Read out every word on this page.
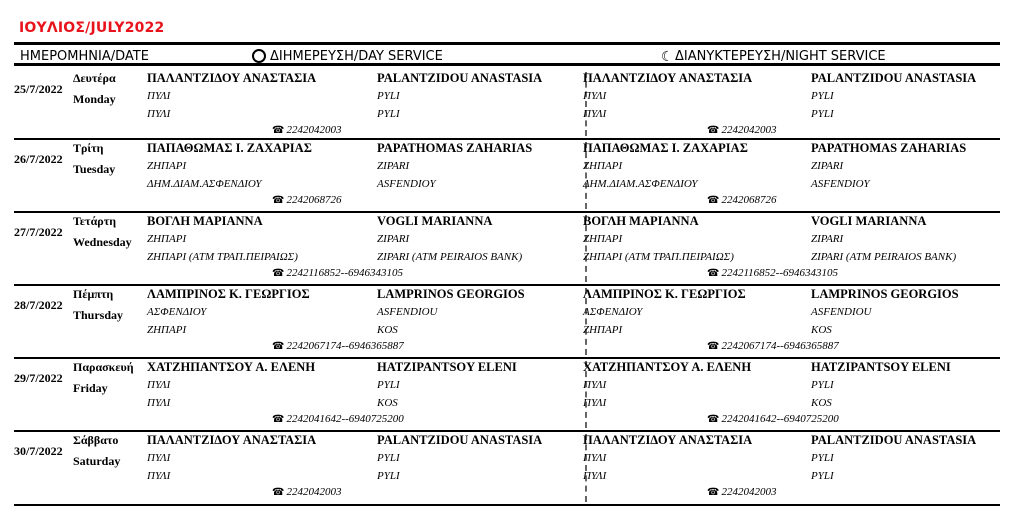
ΙΟΥΛΙΟΣ/JULY2022
ΗΜΕΡΟΜΗΝΙΑ/DATE	ΔΙΗΜΕΡΕΥΣΗ/DAY SERVICE	☾ ΔΙΑΝΥΚΤΕΡΕΥΣΗ/NIGHT SERVICE
25/7/2022
Δευτέρα
Monday
ΠΑΛΑΝΤΖΙΔΟΥ ΑΝΑΣΤΑΣΙΑ
ΠΥΛΙ
ΠΥΛΙ
PALANTZIDOU ANASTASIA
PYLI
PYLI
☎ 2242042003
ΠΑΛΑΝΤΖΙΔΟΥ ΑΝΑΣΤΑΣΙΑ
ΠΥΛΙ
ΠΥΛΙ
PALANTZIDOU ANASTASIA
PYLI
PYLI
☎ 2242042003
26/7/2022
Τρίτη
Tuesday
ΠΑΠΑΘΩΜΑΣ Ι. ΖΑΧΑΡΙΑΣ
ΖΗΠΑΡΙ
ΔΗΜ.ΔΙΑΜ.ΑΣΦΕΝΔΙΟΥ
PAPATHOMAS ZAHARIAS
ZIPARI
ASFENDIOY
☎ 2242068726
ΠΑΠΑΘΩΜΑΣ Ι. ΖΑΧΑΡΙΑΣ
ΖΗΠΑΡΙ
ΔΗΜ.ΔΙΑΜ.ΑΣΦΕΝΔΙΟΥ
PAPATHOMAS ZAHARIAS
ZIPARI
ASFENDIOY
☎ 2242068726
27/7/2022
Τετάρτη
Wednesday
ΒΟΓΛΗ ΜΑΡΙΑΝΝΑ
ΖΗΠΑΡΙ
ΖΗΠΑΡΙ (ΑΤΜ ΤΡΑΠ.ΠΕΙΡΑΙΩΣ)
VOGLI MARIANNA
ZIPARI
ZIPARI (ATM PEIRAIOS BANK)
☎ 2242116852--6946343105
ΒΟΓΛΗ ΜΑΡΙΑΝΝΑ
ΖΗΠΑΡΙ
ΖΗΠΑΡΙ (ΑΤΜ ΤΡΑΠ.ΠΕΙΡΑΙΩΣ)
VOGLI MARIANNA
ZIPARI
ZIPARI (ATM PEIRAIOS BANK)
☎ 2242116852--6946343105
28/7/2022
Πέμπτη
Thursday
ΛΑΜΠΡΙΝΟΣ Κ. ΓΕΩΡΓΙΟΣ
ΑΣΦΕΝΔΙΟΥ
ΖΗΠΑΡΙ
LAMPRINOS GEORGIOS
ASFENDIOU
KOS
☎ 2242067174--6946365887
ΛΑΜΠΡΙΝΟΣ Κ. ΓΕΩΡΓΙΟΣ
ΑΣΦΕΝΔΙΟΥ
ΖΗΠΑΡΙ
LAMPRINOS GEORGIOS
ASFENDIOU
KOS
☎ 2242067174--6946365887
29/7/2022
Παρασκευή
Friday
ΧΑΤΖΗΠΑΝΤΣΟΥ Α. ΕΛΕΝΗ
ΠΥΛΙ
ΠΥΛΙ
HATZIPANTSOY ELENI
PYLI
KOS
☎ 2242041642--6940725200
ΧΑΤΖΗΠΑΝΤΣΟΥ Α. ΕΛΕΝΗ
ΠΥΛΙ
ΠΥΛΙ
HATZIPANTSOY ELENI
PYLI
KOS
☎ 2242041642--6940725200
30/7/2022
Σάββατο
Saturday
ΠΑΛΑΝΤΖΙΔΟΥ ΑΝΑΣΤΑΣΙΑ
ΠΥΛΙ
ΠΥΛΙ
PALANTZIDOU ANASTASIA
PYLI
PYLI
☎ 2242042003
ΠΑΛΑΝΤΖΙΔΟΥ ΑΝΑΣΤΑΣΙΑ
ΠΥΛΙ
ΠΥΛΙ
PALANTZIDOU ANASTASIA
PYLI
PYLI
☎ 2242042003
